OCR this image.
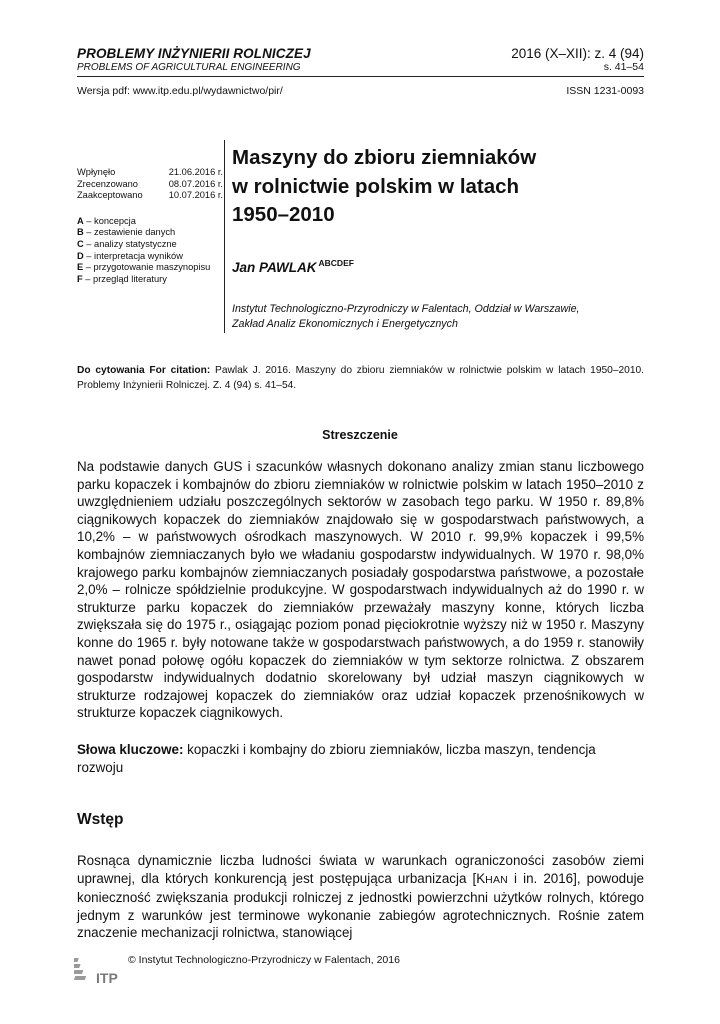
PROBLEMY INŻYNIERII ROLNICZEJ	2016 (X–XII): z. 4 (94)
PROBLEMS OF AGRICULTURAL ENGINEERING	s. 41–54
Wersja pdf: www.itp.edu.pl/wydawnictwo/pir/	ISSN 1231-0093
Wpłynęło	21.06.2016 r.
Zrecenzowano	08.07.2016 r.
Zaakceptowano	10.07.2016 r.
A – koncepcja
B – zestawienie danych
C – analizy statystyczne
D – interpretacja wyników
E – przygotowanie maszynopisu
F – przegląd literatury
Maszyny do zbioru ziemniaków
w rolnictwie polskim w latach
1950–2010
Jan PAWLAK $^{ABCDEF}$
Instytut Technologiczno-Przyrodniczy w Falentach, Oddział w Warszawie,
Zakład Analiz Ekonomicznych i Energetycznych
Do cytowania For citation: Pawlak J. 2016. Maszyny do zbioru ziemniaków w rolnictwie polskim w latach 1950–2010. Problemy Inżynierii Rolniczej. Z. 4 (94) s. 41–54.
Streszczenie
Na podstawie danych GUS i szacunków własnych dokonano analizy zmian stanu liczbowego parku kopaczek i kombajnów do zbioru ziemniaków w rolnictwie polskim w latach 1950–2010 z uwzględnieniem udziału poszczególnych sektorów w zasobach tego parku. W 1950 r. 89,8% ciągnikowych kopaczek do ziemniaków znajdowało się w gospodarstwach państwowych, a 10,2% – w państwowych ośrodkach maszynowych. W 2010 r. 99,9% kopaczek i 99,5% kombajnów ziemniaczanych było we władaniu gospodarstw indywidualnych. W 1970 r. 98,0% krajowego parku kombajnów ziemniaczanych posiadały gospodarstwa państwowe, a pozostałe 2,0% – rolnicze spółdzielnie produkcyjne. W gospodarstwach indywidualnych aż do 1990 r. w strukturze parku kopaczek do ziemniaków przeważały maszyny konne, których liczba zwiększała się do 1975 r., osiągając poziom ponad pięciokrotnie wyższy niż w 1950 r. Maszyny konne do 1965 r. były notowane także w gospodarstwach państwowych, a do 1959 r. stanowiły nawet ponad połowę ogółu kopaczek do ziemniaków w tym sektorze rolnictwa. Z obszarem gospodarstw indywidualnych dodatnio skorelowany był udział maszyn ciągnikowych w strukturze rodzajowej kopaczek do ziemniaków oraz udział kopaczek przenośnikowych w strukturze kopaczek ciągnikowych.
Słowa kluczowe: kopaczki i kombajny do zbioru ziemniaków, liczba maszyn, tendencja rozwoju
Wstęp
Rosnąca dynamicznie liczba ludności świata w warunkach ograniczoności zasobów ziemi uprawnej, dla których konkurencją jest postępująca urbanizacja [KHAN i in. 2016], powoduje konieczność zwiększania produkcji rolniczej z jednostki powierzchni użytków rolnych, którego jednym z warunków jest terminowe wykonanie zabiegów agrotechnicznych. Rośnie zatem znaczenie mechanizacji rolnictwa, stanowiącej
ITP
© Instytut Technologiczno-Przyrodniczy w Falentach, 2016
